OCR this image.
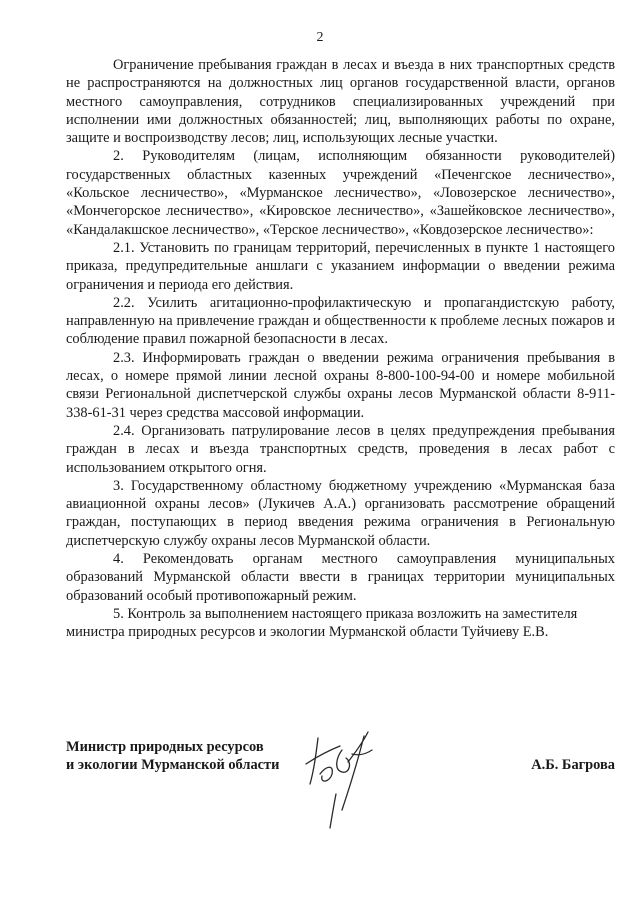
2

Ограничение пребывания граждан в лесах и въезда в них транспортных средств не распространяются на должностных лиц органов государственной власти, органов местного самоуправления, сотрудников специализированных учреждений при исполнении ими должностных обязанностей; лиц, выполняющих работы по охране, защите и воспроизводству лесов; лиц, использующих лесные участки.

2. Руководителям (лицам, исполняющим обязанности руководителей) государственных областных казенных учреждений «Печенгское лесничество», «Кольское лесничество», «Мурманское лесничество», «Ловозерское лесничество», «Мончегорское лесничество», «Кировское лесничество», «Зашейковское лесничество», «Кандалакшское лесничество», «Терское лесничество», «Ковдозерское лесничество»:

2.1. Установить по границам территорий, перечисленных в пункте 1 настоящего приказа, предупредительные аншлаги с указанием информации о введении режима ограничения и периода его действия.

2.2. Усилить агитационно-профилактическую и пропагандистскую работу, направленную на привлечение граждан и общественности к проблеме лесных пожаров и соблюдение правил пожарной безопасности в лесах.

2.3. Информировать граждан о введении режима ограничения пребывания в лесах, о номере прямой линии лесной охраны 8-800-100-94-00 и номере мобильной связи Региональной диспетчерской службы охраны лесов Мурманской области 8-911-338-61-31 через средства массовой информации.

2.4. Организовать патрулирование лесов в целях предупреждения пребывания граждан в лесах и въезда транспортных средств, проведения в лесах работ с использованием открытого огня.

3. Государственному областному бюджетному учреждению «Мурманская база авиационной охраны лесов» (Лукичев А.А.) организовать рассмотрение обращений граждан, поступающих в период введения режима ограничения в Региональную диспетчерскую службу охраны лесов Мурманской области.

4. Рекомендовать органам местного самоуправления муниципальных образований Мурманской области ввести в границах территории муниципальных образований особый противопожарный режим.

5. Контроль за выполнением настоящего приказа возложить на заместителя министра природных ресурсов и экологии Мурманской области Туйчиеву Е.В.

Министр природных ресурсов
и экологии Мурманской области	А.Б. Багрова
